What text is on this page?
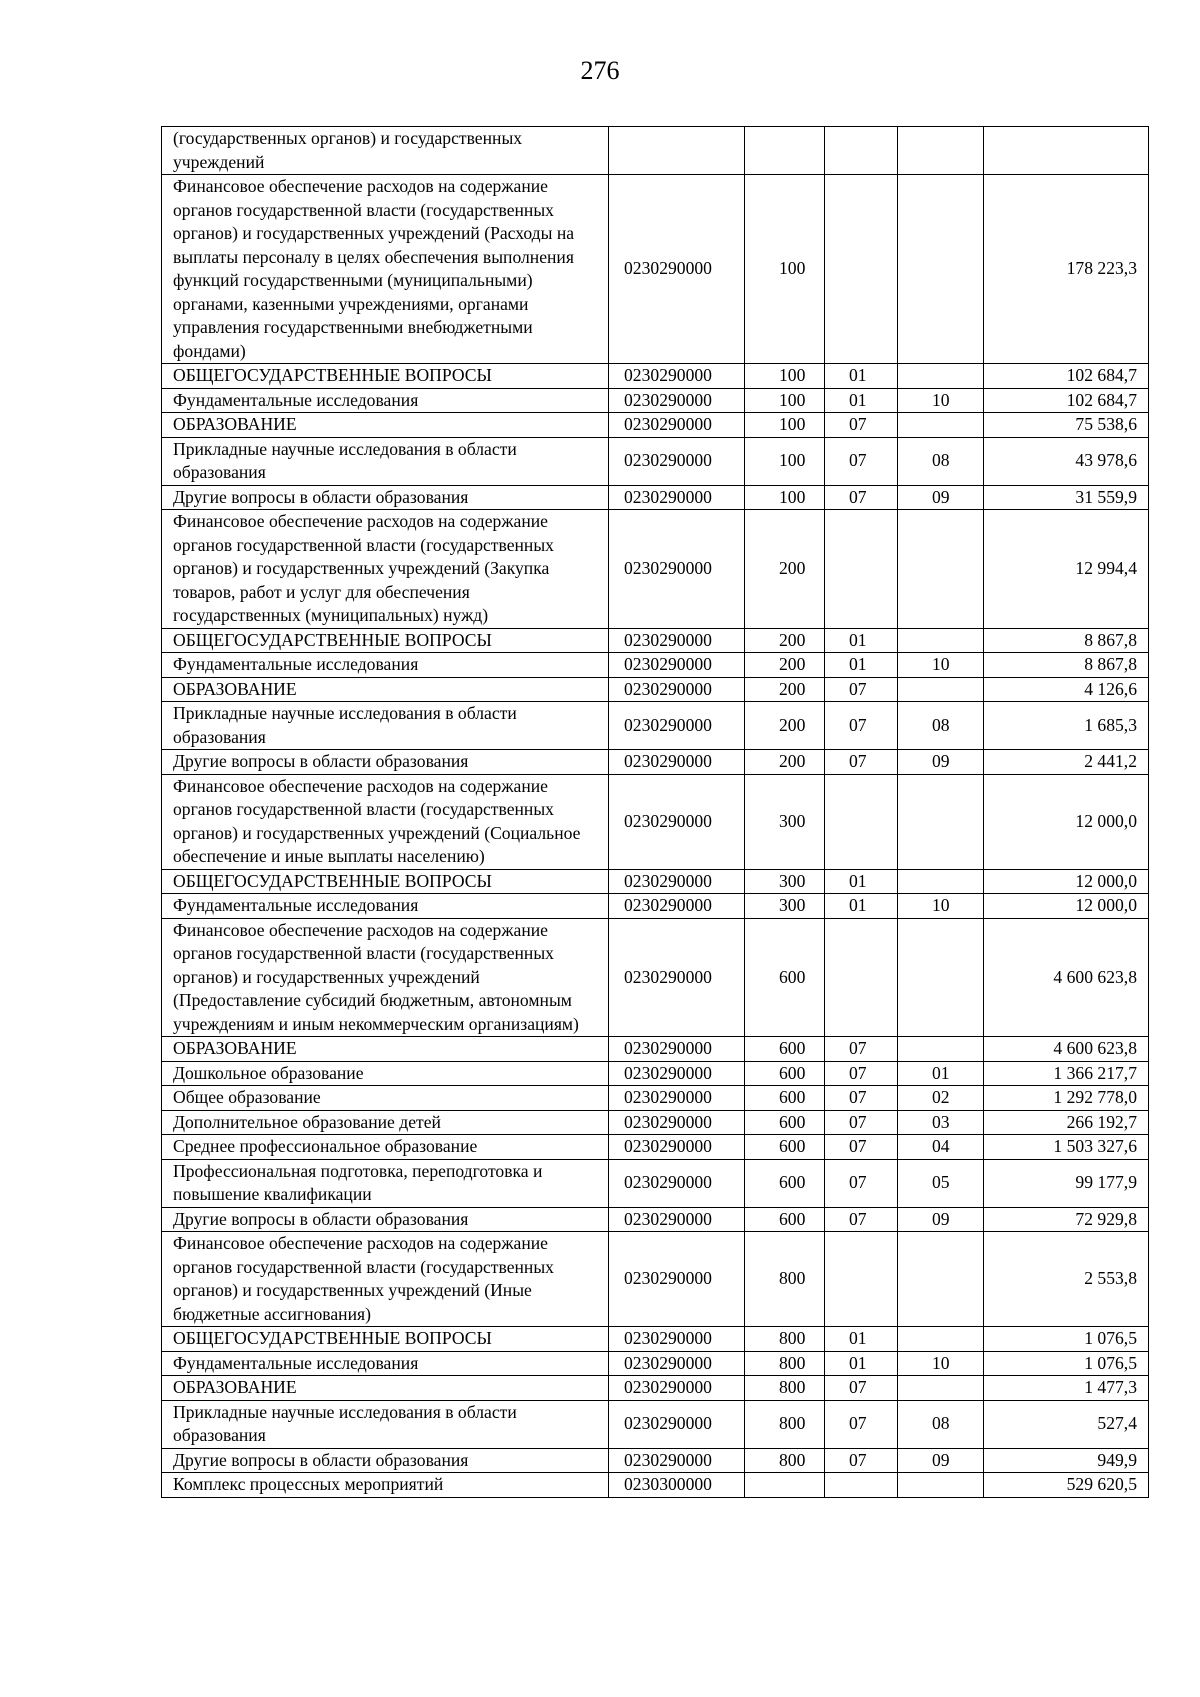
276
(государственных органов) и государственных учреждений					
Финансовое обеспечение расходов на содержание органов государственной власти (государственных органов) и государственных учреждений (Расходы на выплаты персоналу в целях обеспечения выполнения функций государственными (муниципальными) органами, казенными учреждениями, органами управления государственными внебюджетными фондами)	0230290000	100			178 223,3
ОБЩЕГОСУДАРСТВЕННЫЕ ВОПРОСЫ	0230290000	100	01		102 684,7
Фундаментальные исследования	0230290000	100	01	10	102 684,7
ОБРАЗОВАНИЕ	0230290000	100	07		75 538,6
Прикладные научные исследования в области образования	0230290000	100	07	08	43 978,6
Другие вопросы в области образования	0230290000	100	07	09	31 559,9
Финансовое обеспечение расходов на содержание органов государственной власти (государственных органов) и государственных учреждений (Закупка товаров, работ и услуг для обеспечения государственных (муниципальных) нужд)	0230290000	200			12 994,4
ОБЩЕГОСУДАРСТВЕННЫЕ ВОПРОСЫ	0230290000	200	01		8 867,8
Фундаментальные исследования	0230290000	200	01	10	8 867,8
ОБРАЗОВАНИЕ	0230290000	200	07		4 126,6
Прикладные научные исследования в области образования	0230290000	200	07	08	1 685,3
Другие вопросы в области образования	0230290000	200	07	09	2 441,2
Финансовое обеспечение расходов на содержание органов государственной власти (государственных органов) и государственных учреждений (Социальное обеспечение и иные выплаты населению)	0230290000	300			12 000,0
ОБЩЕГОСУДАРСТВЕННЫЕ ВОПРОСЫ	0230290000	300	01		12 000,0
Фундаментальные исследования	0230290000	300	01	10	12 000,0
Финансовое обеспечение расходов на содержание органов государственной власти (государственных органов) и государственных учреждений (Предоставление субсидий бюджетным, автономным учреждениям и иным некоммерческим организациям)	0230290000	600			4 600 623,8
ОБРАЗОВАНИЕ	0230290000	600	07		4 600 623,8
Дошкольное образование	0230290000	600	07	01	1 366 217,7
Общее образование	0230290000	600	07	02	1 292 778,0
Дополнительное образование детей	0230290000	600	07	03	266 192,7
Среднее профессиональное образование	0230290000	600	07	04	1 503 327,6
Профессиональная подготовка, переподготовка и повышение квалификации	0230290000	600	07	05	99 177,9
Другие вопросы в области образования	0230290000	600	07	09	72 929,8
Финансовое обеспечение расходов на содержание органов государственной власти (государственных органов) и государственных учреждений (Иные бюджетные ассигнования)	0230290000	800			2 553,8
ОБЩЕГОСУДАРСТВЕННЫЕ ВОПРОСЫ	0230290000	800	01		1 076,5
Фундаментальные исследования	0230290000	800	01	10	1 076,5
ОБРАЗОВАНИЕ	0230290000	800	07		1 477,3
Прикладные научные исследования в области образования	0230290000	800	07	08	527,4
Другие вопросы в области образования	0230290000	800	07	09	949,9
Комплекс процессных мероприятий	0230300000				529 620,5
